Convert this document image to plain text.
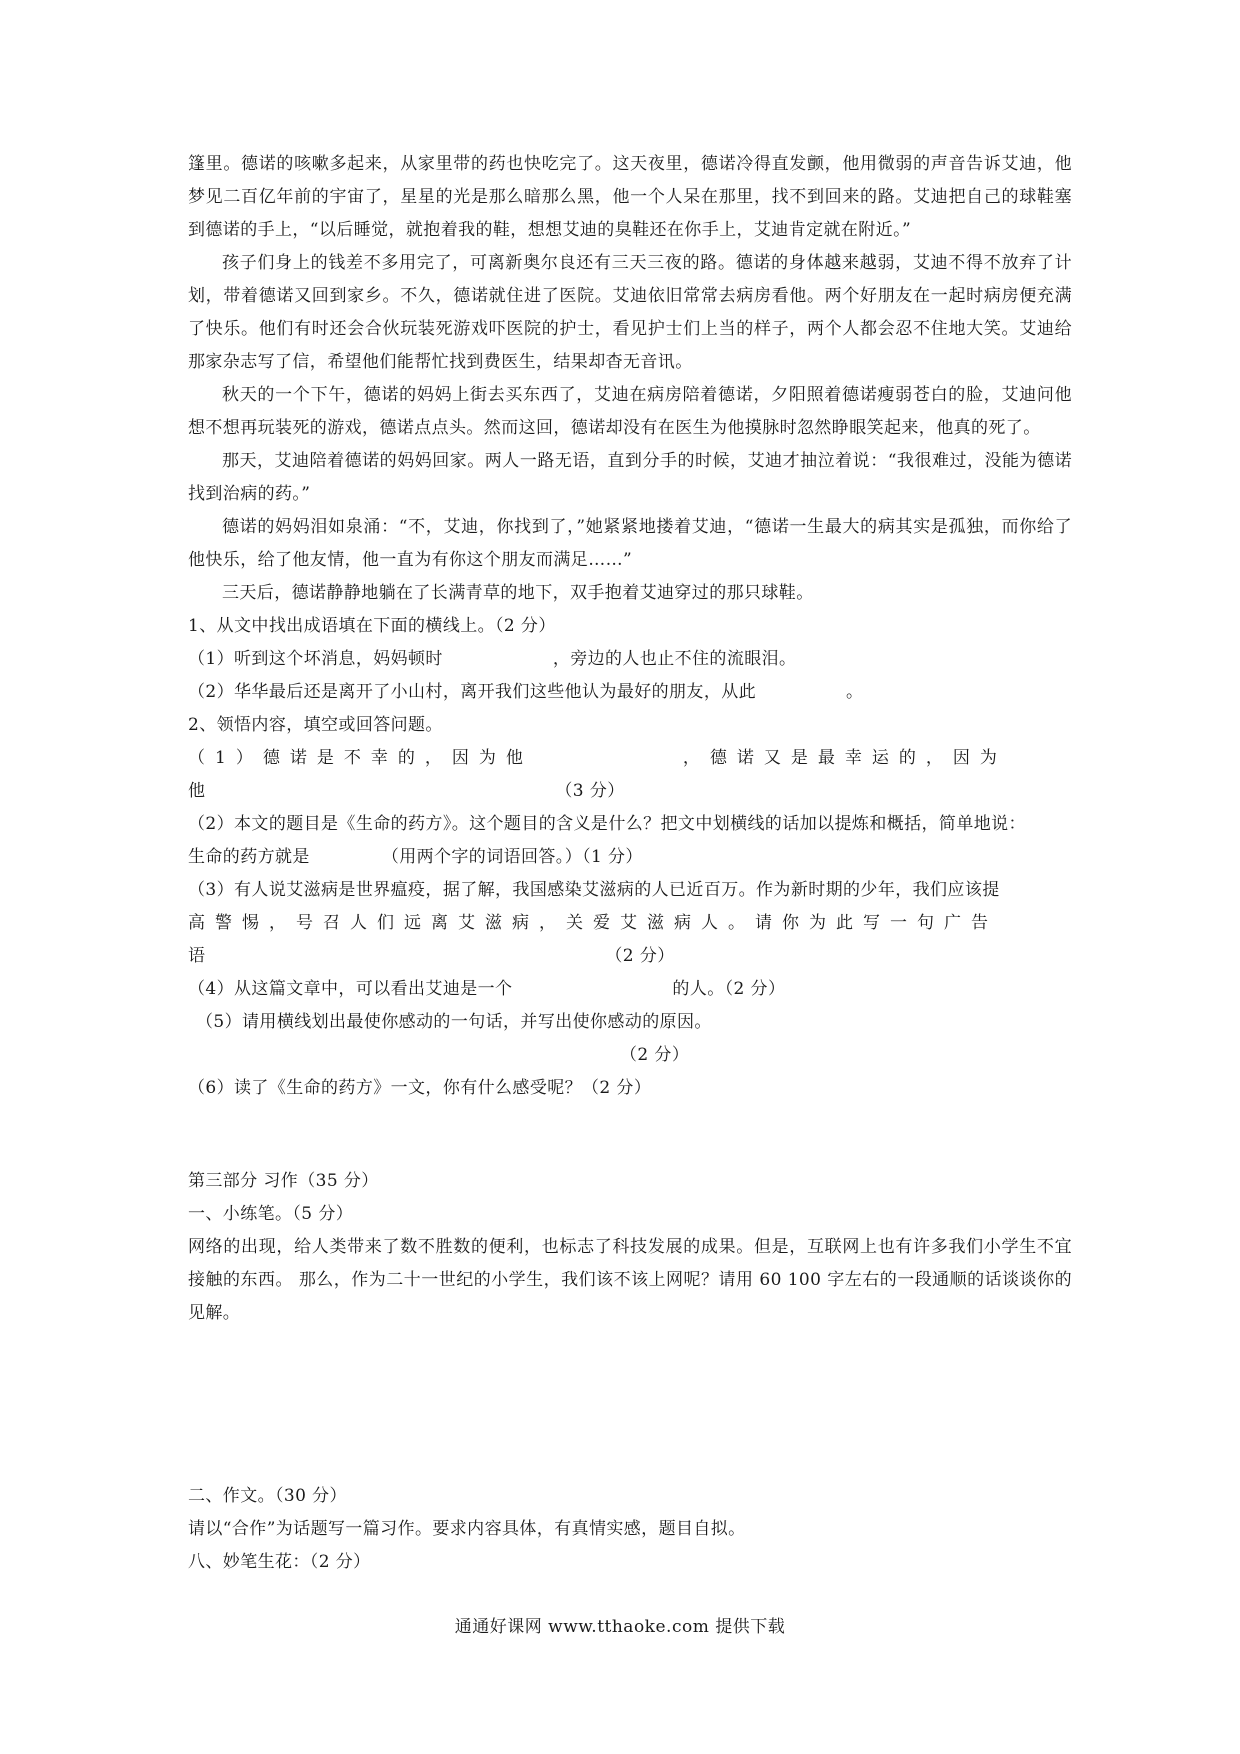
篷里。德诺的咳嗽多起来，从家里带的药也快吃完了。这天夜里，德诺冷得直发颤，他用微弱的声音告诉艾迪，他梦见二百亿年前的宇宙了，星星的光是那么暗那么黑，他一个人呆在那里，找不到回来的路。艾迪把自己的球鞋塞到德诺的手上，“以后睡觉，就抱着我的鞋，想想艾迪的臭鞋还在你手上，艾迪肯定就在附近。”

孩子们身上的钱差不多用完了，可离新奥尔良还有三天三夜的路。德诺的身体越来越弱，艾迪不得不放弃了计划，带着德诺又回到家乡。不久，德诺就住进了医院。艾迪依旧常常去病房看他。两个好朋友在一起时病房便充满了快乐。他们有时还会合伙玩装死游戏吓医院的护士，看见护士们上当的样子，两个人都会忍不住地大笑。艾迪给那家杂志写了信，希望他们能帮忙找到费医生，结果却杳无音讯。

秋天的一个下午，德诺的妈妈上街去买东西了，艾迪在病房陪着德诺，夕阳照着德诺瘦弱苍白的脸，艾迪问他想不想再玩装死的游戏，德诺点点头。然而这回，德诺却没有在医生为他摸脉时忽然睁眼笑起来，他真的死了。

那天，艾迪陪着德诺的妈妈回家。两人一路无语，直到分手的时候，艾迪才抽泣着说：“我很难过，没能为德诺找到治病的药。”

德诺的妈妈泪如泉涌：“不，艾迪，你找到了，”她紧紧地搂着艾迪，“德诺一生最大的病其实是孤独，而你给了他快乐，给了他友情，他一直为有你这个朋友而满足……”

三天后，德诺静静地躺在了长满青草的地下，双手抱着艾迪穿过的那只球鞋。

1、从文中找出成语填在下面的横线上。（2 分）

（1）听到这个坏消息，妈妈顿时	，旁边的人也止不住的流眼泪。

（2）华华最后还是离开了小山村，离开我们这些他认为最好的朋友，从此	。

2、领悟内容，填空或回答问题。

（1）德诺是不幸的，因为他	，德诺又是最幸运的，因为

他	（3 分）

（2）本文的题目是《生命的药方》。这个题目的含义是什么？把文中划横线的话加以提炼和概括，简单地说：

生命的药方就是	（用两个字的词语回答。）（1 分）

（3）有人说艾滋病是世界瘟疫，据了解，我国感染艾滋病的人已近百万。作为新时期的少年，我们应该提

高警惕，号召人们远离艾滋病，关爱艾滋病人。请你为此写一句广告

语	（2 分）

（4）从这篇文章中，可以看出艾迪是一个	的人。（2 分）

（5）请用横线划出最使你感动的一句话，并写出使你感动的原因。

（2 分）

（6）读了《生命的药方》一文，你有什么感受呢？（2 分）

第三部分 习作（35 分）

一、小练笔。（5 分）

网络的出现，给人类带来了数不胜数的便利，也标志了科技发展的成果。但是，互联网上也有许多我们小学生不宜接触的东西。 那么，作为二十一世纪的小学生，我们该不该上网呢？请用 60 100 字左右的一段通顺的话谈谈你的见解。

二、作文。（30 分）

请以“合作”为话题写一篇习作。要求内容具体，有真情实感，题目自拟。

八、妙笔生花：（2 分）

通通好课网 www.tthaoke.com 提供下载
